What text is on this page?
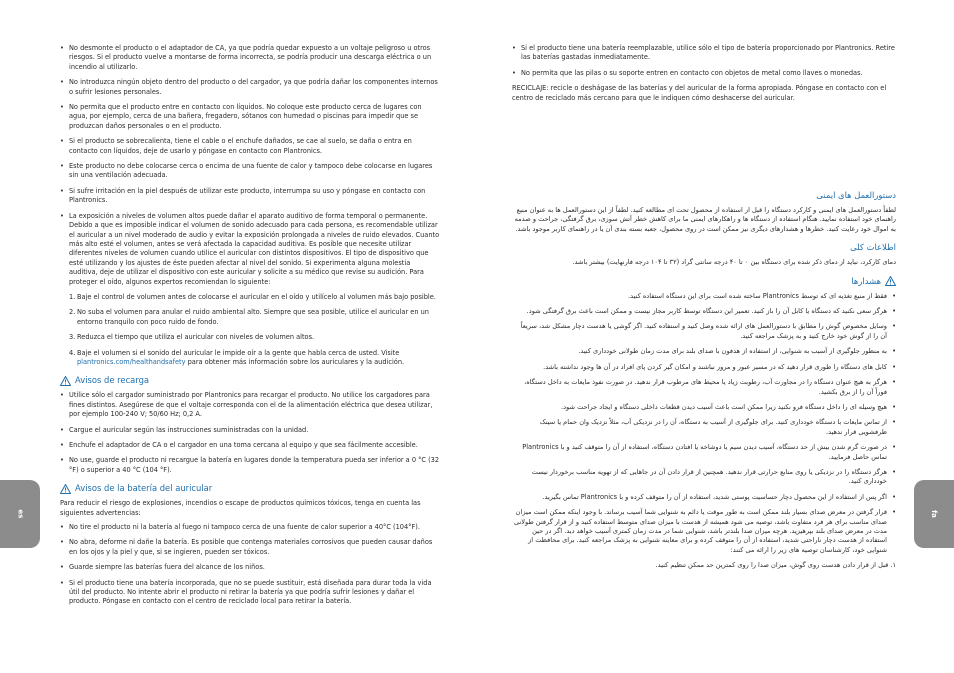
• No desmonte el producto o el adaptador de CA, ya que podría quedar expuesto a un voltaje peligroso u otros riesgos. Si el producto vuelve a montarse de forma incorrecta, se podría producir una descarga eléctrica o un incendio al utilizarlo.
• No introduzca ningún objeto dentro del producto o del cargador, ya que podría dañar los componentes internos o sufrir lesiones personales.
• No permita que el producto entre en contacto con líquidos. No coloque este producto cerca de lugares con agua, por ejemplo, cerca de una bañera, fregadero, sótanos con humedad o piscinas para impedir que se produzcan daños personales o en el producto.
• Si el producto se sobrecalienta, tiene el cable o el enchufe dañados, se cae al suelo, se daña o entra en contacto con líquidos, deje de usarlo y póngase en contacto con Plantronics.
• Este producto no debe colocarse cerca o encima de una fuente de calor y tampoco debe colocarse en lugares sin una ventilación adecuada.
• Si sufre irritación en la piel después de utilizar este producto, interrumpa su uso y póngase en contacto con Plantronics.
• La exposición a niveles de volumen altos puede dañar el aparato auditivo de forma temporal o permanente. Debido a que es imposible indicar el volumen de sonido adecuado para cada persona, es recomendable utilizar el auricular a un nivel moderado de audio y evitar la exposición prolongada a niveles de ruido elevados. Cuanto más alto esté el volumen, antes se verá afectada la capacidad auditiva. Es posible que necesite utilizar diferentes niveles de volumen cuando utilice el auricular con distintos dispositivos. El tipo de dispositivo que esté utilizando y los ajustes de éste pueden afectar al nivel del sonido. Si experimenta alguna molestia auditiva, deje de utilizar el dispositivo con este auricular y solicite a su médico que revise su audición. Para proteger el oído, algunos expertos recomiendan lo siguiente:
1. Baje el control de volumen antes de colocarse el auricular en el oído y utilícelo al volumen más bajo posible.
2. No suba el volumen para anular el ruido ambiental alto. Siempre que sea posible, utilice el auricular en un entorno tranquilo con poco ruido de fondo.
3. Reduzca el tiempo que utiliza el auricular con niveles de volumen altos.
4. Baje el volumen si el sonido del auricular le impide oír a la gente que habla cerca de usted. Visite plantronics.com/healthandsafety para obtener más información sobre los auriculares y la audición.
Avisos de recarga
• Utilice sólo el cargador suministrado por Plantronics para recargar el producto. No utilice los cargadores para fines distintos. Asegúrese de que el voltaje corresponda con el de la alimentación eléctrica que desea utilizar, por ejemplo 100-240 V; 50/60 Hz; 0,2 A.
• Cargue el auricular según las instrucciones suministradas con la unidad.
• Enchufe el adaptador de CA o el cargador en una toma cercana al equipo y que sea fácilmente accesible.
• No use, guarde el producto ni recargue la batería en lugares donde la temperatura pueda ser inferior a 0 °C (32 °F) o superior a 40 °C (104 °F).
Avisos de la batería del auricular

Para reducir el riesgo de explosiones, incendios o escape de productos químicos tóxicos, tenga en cuenta las siguientes advertencias:

• No tire el producto ni la batería al fuego ni tampoco cerca de una fuente de calor superior a 40°C (104°F).
• No abra, deforme ni dañe la batería. Es posible que contenga materiales corrosivos que pueden causar daños en los ojos y la piel y que, si se ingieren, pueden ser tóxicos.
• Guarde siempre las baterías fuera del alcance de los niños.
• Si el producto tiene una batería incorporada, que no se puede sustituir, está diseñada para durar toda la vida útil del producto. No intente abrir el producto ni retirar la batería ya que podría sufrir lesiones y dañar el producto. Póngase en contacto con el centro de reciclado local para retirar la batería.
• Si el producto tiene una batería reemplazable, utilice sólo el tipo de batería proporcionado por Plantronics. Retire las baterías gastadas inmediatamente.
• No permita que las pilas o su soporte entren en contacto con objetos de metal como llaves o monedas.

RECICLAJE: recicle o deshágase de las baterías y del auricular de la forma apropiada. Póngase en contacto con el centro de reciclado más cercano para que le indiquen cómo deshacerse del auricular.

دستورالعمل های ایمنی

لطفاً دستورالعمل های ایمنی و کارکرد دستگاه را قبل از استفاده از محصول تحت ای مطالعه کنید. لطفاً از این دستورالعمل ها به عنوان منبع راهنمای خود استفاده نمایید. هنگام استفاده از دستگاه ها و راهکارهای ایمنی ما برای کاهش خطر آتش سوزی، برق گرفتگی، جراحت و صدمه به اموال خود رعایت کنید. خطرها و هشدارهای دیگری نیز ممکن است در روی محصول، جعبه بسته بندی آن یا در راهنمای کاربر موجود باشد.

اطلاعات کلی

دمای کارکرد، نباید از دمای ذکر شده برای دستگاه بین ۰ تا ۴۰ درجه سانتی گراد (۳۲ تا ۱۰۴ درجه فارنهایت) بیشتر باشد.

هشدارها
• فقط از منبع تغذیه ای که توسط Plantronics ساخته شده است برای این دستگاه استفاده کنید.
• هرگز سعی نکنید که دستگاه یا کابل آن را باز کنید. تعمیر این دستگاه توسط کاربر مجاز نیست و ممکن است باعث برق گرفتگی شود.
• وسایل مخصوص گوش را مطابق با دستورالعمل های ارائه شده وصل کنید و استفاده کنید. اگر گوشی یا هدست دچار مشکل شد، سریعاً آن را از گوش خود خارج کنید و به پزشک مراجعه کنید.
• به منظور جلوگیری از آسیب به شنوایی، از استفاده از هدفون با صدای بلند برای مدت زمان طولانی خودداری کنید.
• کابل های دستگاه را طوری قرار دهید که در مسیر عبور و مرور نباشند و امکان گیر کردن پای افراد در آن ها وجود نداشته باشد.
• هرگز به هیچ عنوان دستگاه را در مجاورت آب، رطوبت زیاد یا محیط های مرطوب قرار ندهید. در صورت نفوذ مایعات به داخل دستگاه، فوراً آن را از برق بکشید.
• هیچ وسیله ای را داخل دستگاه فرو نکنید زیرا ممکن است باعث آسیب دیدن قطعات داخلی دستگاه و ایجاد جراحت شود.
• از تماس مایعات با دستگاه خودداری کنید. برای جلوگیری از آسیب به دستگاه، آن را در نزدیکی آب، مثلاً نزدیک وان حمام یا سینک ظرفشویی قرار ندهید.
• در صورت گرم شدن بیش از حد دستگاه، آسیب دیدن سیم یا دوشاخه یا افتادن دستگاه، استفاده از آن را متوقف کنید و با Plantronics تماس حاصل فرمایید.
• هرگز دستگاه را در نزدیکی یا روی منابع حرارتی قرار ندهید. همچنین از قرار دادن آن در جاهایی که از تهویه مناسب برخوردار نیست خودداری کنید.
• اگر پس از استفاده از این محصول دچار حساسیت پوستی شدید، استفاده از آن را متوقف کرده و با Plantronics تماس بگیرید.
• قرار گرفتن در معرض صدای بسیار بلند ممکن است به طور موقت یا دائم به شنوایی شما آسیب برساند. با وجود اینکه ممکن است میزان صدای مناسب برای هر فرد متفاوت باشد، توصیه می شود همیشه از هدست با میزان صدای متوسط استفاده کنید و از قرار گرفتن طولانی مدت در معرض صدای بلند بپرهیزید. هرچه میزان صدا بلندتر باشد، شنوایی شما در مدت زمان کمتری آسیب خواهد دید. اگر در حین استفاده از هدست دچار ناراحتی شدید، استفاده از آن را متوقف کرده و برای معاینه شنوایی به پزشک مراجعه کنید. برای محافظت از شنوایی خود، کارشناسان توصیه های زیر را ارائه می کنند:

۱. قبل از قرار دادن هدست روی گوش، میزان صدا را روی کمترین حد ممکن تنظیم کنید.

es	fa
